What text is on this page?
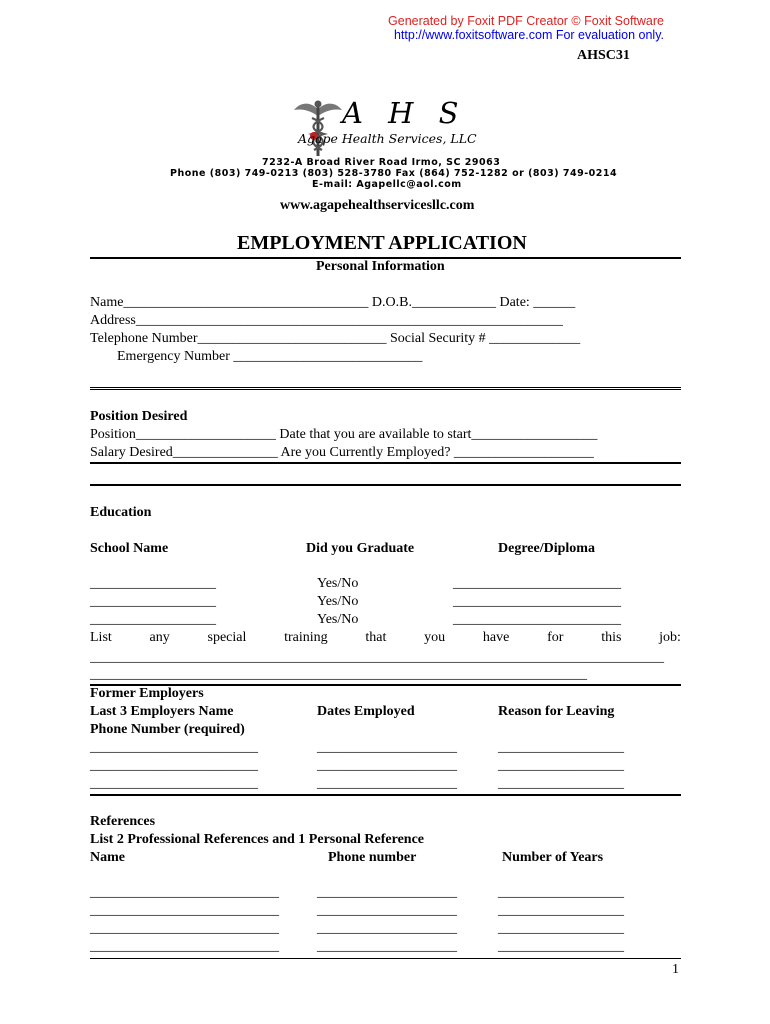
Generated by Foxit PDF Creator © Foxit Software
http://www.foxitsoftware.com For evaluation only.
AHSC31
A H S
Agape Health Services, LLC
7232-A Broad River Road Irmo, SC 29063
Phone (803) 749-0213 (803) 528-3780 Fax (864) 752-1282 or (803) 749-0214
E-mail: Agapellc@aol.com
www.agapehealthservicesllc.com
EMPLOYMENT APPLICATION
Personal Information
Name___________________________________ D.O.B.____________ Date: ______
Address_____________________________________________________________
Telephone Number___________________________ Social Security # _____________
Emergency Number ___________________________
Position Desired
Position____________________ Date that you are available to start__________________
Salary Desired_______________ Are you Currently Employed? ____________________
Education
School Name	Did you Graduate	Degree/Diploma
__________________	Yes/No	________________________
__________________	Yes/No	________________________
__________________	Yes/No	________________________
List	any	special	training	that	you	have	for	this	job:
__________________________________________________________________________________
_______________________________________________________________________
Former Employers
Last 3 Employers Name	Dates Employed	Reason for Leaving
Phone Number (required)
________________________	____________________	__________________
________________________	____________________	__________________
________________________	____________________	__________________
References
List 2 Professional References and 1 Personal Reference
Name	Phone number	Number of Years
___________________________	____________________	__________________
___________________________	____________________	__________________
___________________________	____________________	__________________
___________________________	____________________	__________________
1
